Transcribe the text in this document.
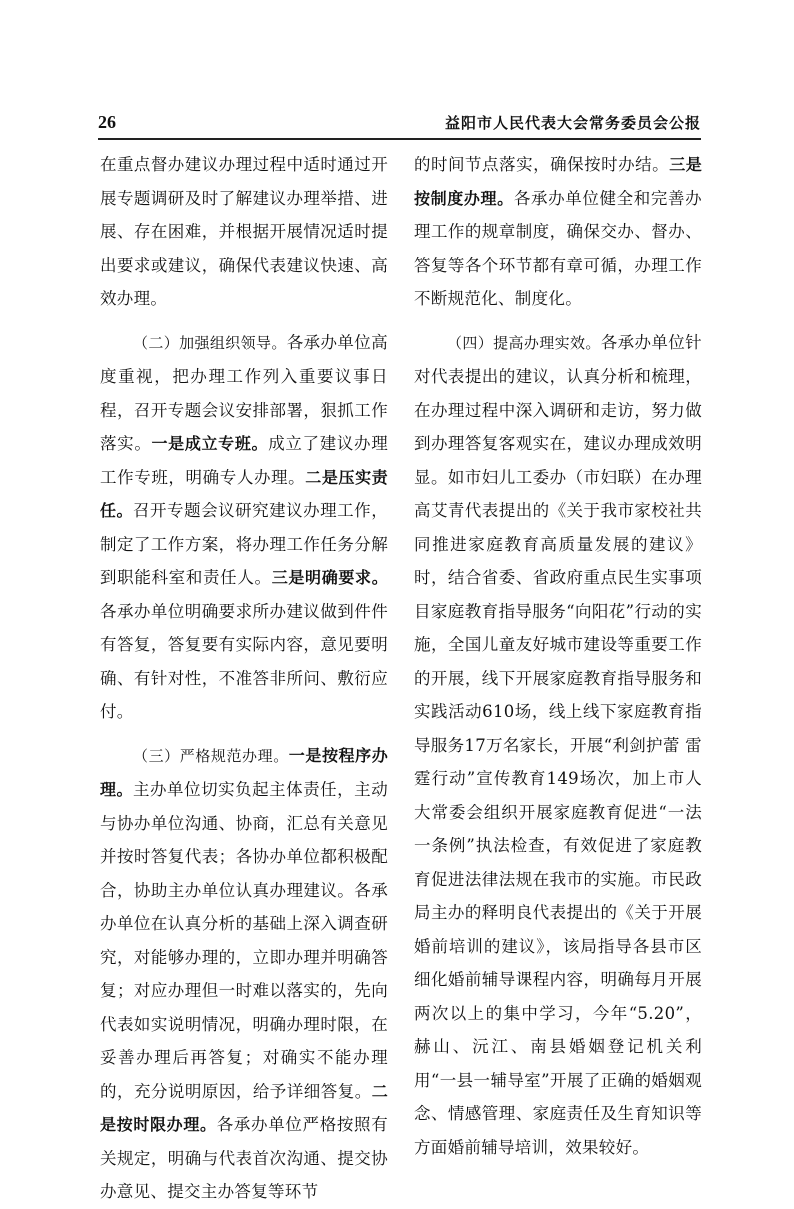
26	益阳市人民代表大会常务委员会公报

在重点督办建议办理过程中适时通过开展专题调研及时了解建议办理举措、进展、存在困难，并根据开展情况适时提出要求或建议，确保代表建议快速、高效办理。

（二）加强组织领导。各承办单位高度重视，把办理工作列入重要议事日程，召开专题会议安排部署，狠抓工作落实。一是成立专班。成立了建议办理工作专班，明确专人办理。二是压实责任。召开专题会议研究建议办理工作，制定了工作方案，将办理工作任务分解到职能科室和责任人。三是明确要求。各承办单位明确要求所办建议做到件件有答复，答复要有实际内容，意见要明确、有针对性，不准答非所问、敷衍应付。

（三）严格规范办理。一是按程序办理。主办单位切实负起主体责任，主动与协办单位沟通、协商，汇总有关意见并按时答复代表；各协办单位都积极配合，协助主办单位认真办理建议。各承办单位在认真分析的基础上深入调查研究，对能够办理的，立即办理并明确答复；对应办理但一时难以落实的，先向代表如实说明情况，明确办理时限，在妥善办理后再答复；对确实不能办理的，充分说明原因，给予详细答复。二是按时限办理。各承办单位严格按照有关规定，明确与代表首次沟通、提交协办意见、提交主办答复等环节

的时间节点落实，确保按时办结。三是按制度办理。各承办单位健全和完善办理工作的规章制度，确保交办、督办、答复等各个环节都有章可循，办理工作不断规范化、制度化。

（四）提高办理实效。各承办单位针对代表提出的建议，认真分析和梳理，在办理过程中深入调研和走访，努力做到办理答复客观实在，建议办理成效明显。如市妇儿工委办（市妇联）在办理高艾青代表提出的《关于我市家校社共同推进家庭教育高质量发展的建议》时，结合省委、省政府重点民生实事项目家庭教育指导服务“向阳花”行动的实施，全国儿童友好城市建设等重要工作的开展，线下开展家庭教育指导服务和实践活动610场，线上线下家庭教育指导服务17万名家长，开展“利剑护蕾 雷霆行动”宣传教育149场次，加上市人大常委会组织开展家庭教育促进“一法一条例”执法检查，有效促进了家庭教育促进法律法规在我市的实施。市民政局主办的释明良代表提出的《关于开展婚前培训的建议》，该局指导各县市区细化婚前辅导课程内容，明确每月开展两次以上的集中学习，今年“5.20”，赫山、沅江、南县婚姻登记机关利用“一县一辅导室”开展了正确的婚姻观念、情感管理、家庭责任及生育知识等方面婚前辅导培训，效果较好。
